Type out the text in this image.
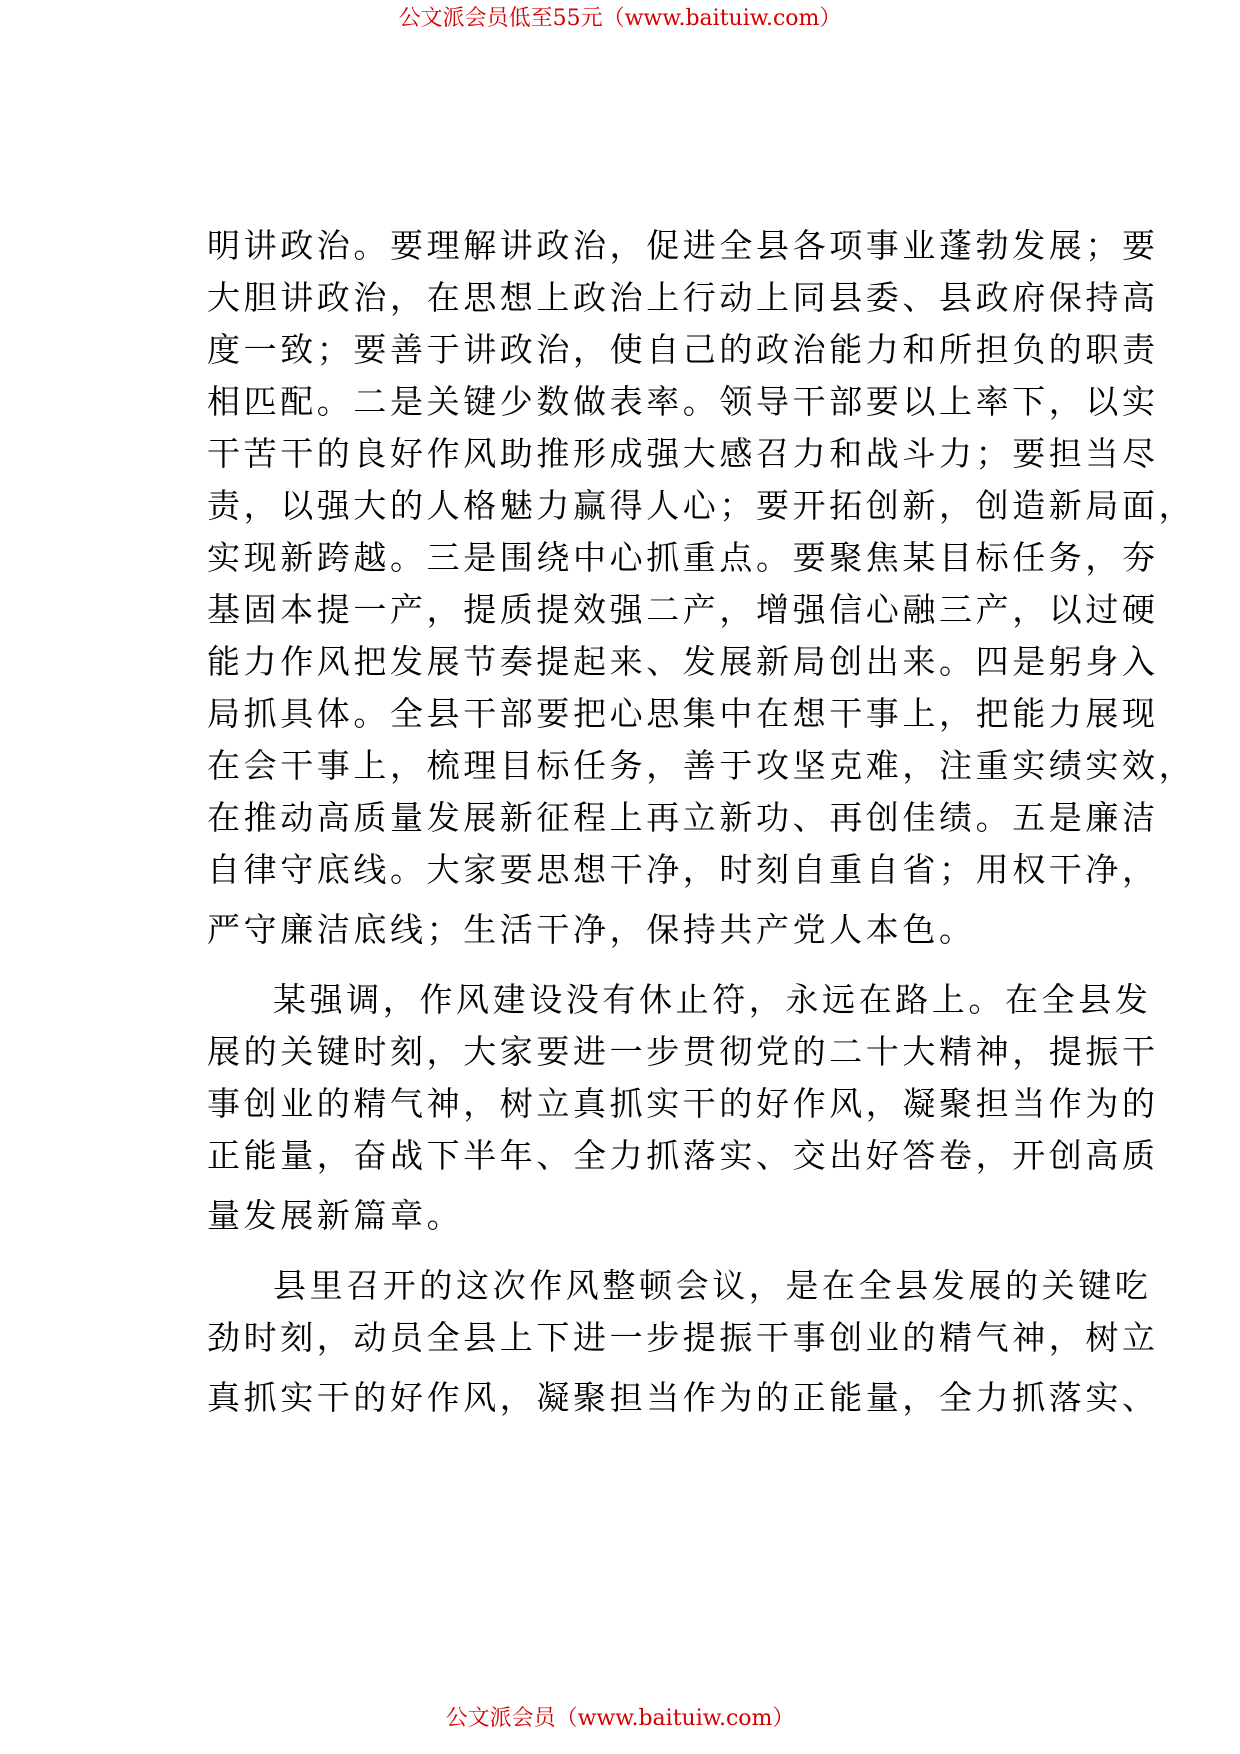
公文派会员低至55元（www.baituiw.com）
明讲政治。要理解讲政治，促进全县各项事业蓬勃发展；要
大胆讲政治，在思想上政治上行动上同县委、县政府保持高
度一致；要善于讲政治，使自己的政治能力和所担负的职责
相匹配。二是关键少数做表率。领导干部要以上率下，以实
干苦干的良好作风助推形成强大感召力和战斗力；要担当尽
责，以强大的人格魅力赢得人心；要开拓创新，创造新局面，
实现新跨越。三是围绕中心抓重点。要聚焦某目标任务，夯
基固本提一产，提质提效强二产，增强信心融三产，以过硬
能力作风把发展节奏提起来、发展新局创出来。四是躬身入
局抓具体。全县干部要把心思集中在想干事上，把能力展现
在会干事上，梳理目标任务，善于攻坚克难，注重实绩实效，
在推动高质量发展新征程上再立新功、再创佳绩。五是廉洁
自律守底线。大家要思想干净，时刻自重自省；用权干净，
严守廉洁底线；生活干净，保持共产党人本色。
某强调，作风建设没有休止符，永远在路上。在全县发
展的关键时刻，大家要进一步贯彻党的二十大精神，提振干
事创业的精气神，树立真抓实干的好作风，凝聚担当作为的
正能量，奋战下半年、全力抓落实、交出好答卷，开创高质
量发展新篇章。
县里召开的这次作风整顿会议，是在全县发展的关键吃
劲时刻，动员全县上下进一步提振干事创业的精气神，树立
真抓实干的好作风，凝聚担当作为的正能量，全力抓落实、
公文派会员（www.baituiw.com）
